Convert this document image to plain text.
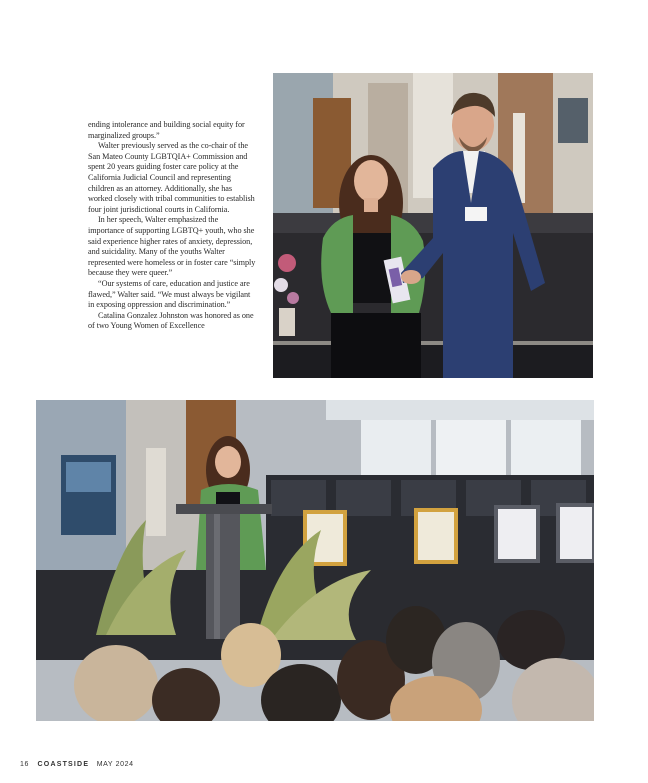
ending intolerance and building social equity for marginalized groups.”

Walter previously served as the co-chair of the San Mateo County LGBTQIA+ Commission and spent 20 years guiding foster care policy at the California Judicial Council and representing children as an attorney. Additionally, she has worked closely with tribal communities to establish four joint jurisdictional courts in California.

In her speech, Walter emphasized the importance of supporting LGBTQ+ youth, who she said experience higher rates of anxiety, depression, and suicidality. Many of the youths Walter represented were homeless or in foster care “simply because they were queer.”

“Our systems of care, education and justice are flawed,” Walter said. “We must always be vigilant in exposing oppression and discrimination.”

Catalina Gonzalez Johnston was honored as one of two Young Women of Excellence

16 COASTSIDE MAY 2024
